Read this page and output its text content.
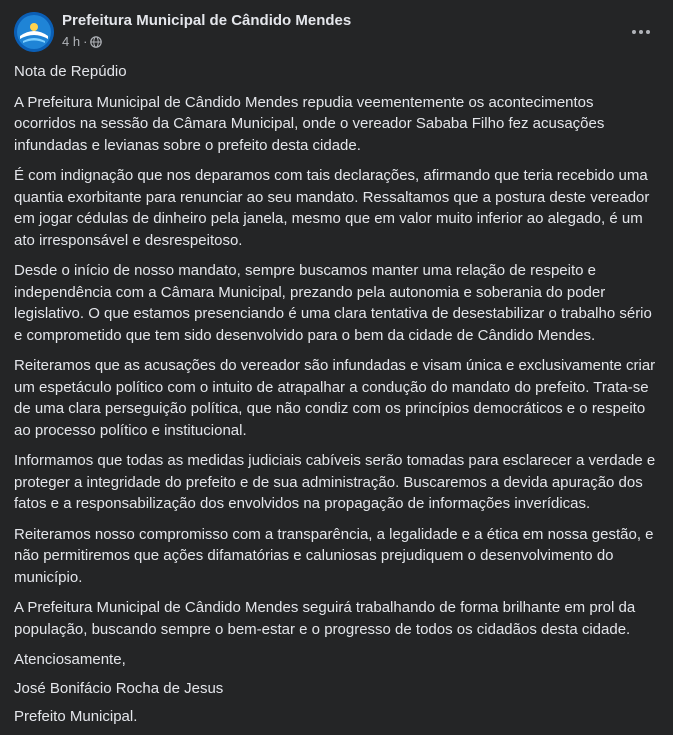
Prefeitura Municipal de Cândido Mendes
4 h ·

Nota de Repúdio

A Prefeitura Municipal de Cândido Mendes repudia veementemente os acontecimentos ocorridos na sessão da Câmara Municipal, onde o vereador Sababa Filho fez acusações infundadas e levianas sobre o prefeito desta cidade.

É com indignação que nos deparamos com tais declarações, afirmando que teria recebido uma quantia exorbitante para renunciar ao seu mandato. Ressaltamos que a postura deste vereador em jogar cédulas de dinheiro pela janela, mesmo que em valor muito inferior ao alegado, é um ato irresponsável e desrespeitoso.

Desde o início de nosso mandato, sempre buscamos manter uma relação de respeito e independência com a Câmara Municipal, prezando pela autonomia e soberania do poder legislativo. O que estamos presenciando é uma clara tentativa de desestabilizar o trabalho sério e comprometido que tem sido desenvolvido para o bem da cidade de Cândido Mendes.

Reiteramos que as acusações do vereador são infundadas e visam única e exclusivamente criar um espetáculo político com o intuito de atrapalhar a condução do mandato do prefeito. Trata-se de uma clara perseguição política, que não condiz com os princípios democráticos e o respeito ao processo político e institucional.

Informamos que todas as medidas judiciais cabíveis serão tomadas para esclarecer a verdade e proteger a integridade do prefeito e de sua administração. Buscaremos a devida apuração dos fatos e a responsabilização dos envolvidos na propagação de informações inverídicas.

Reiteramos nosso compromisso com a transparência, a legalidade e a ética em nossa gestão, e não permitiremos que ações difamatórias e caluniosas prejudiquem o desenvolvimento do município.

A Prefeitura Municipal de Cândido Mendes seguirá trabalhando de forma brilhante em prol da população, buscando sempre o bem-estar e o progresso de todos os cidadãos desta cidade.

Atenciosamente,

José Bonifácio Rocha de Jesus

Prefeito Municipal.
